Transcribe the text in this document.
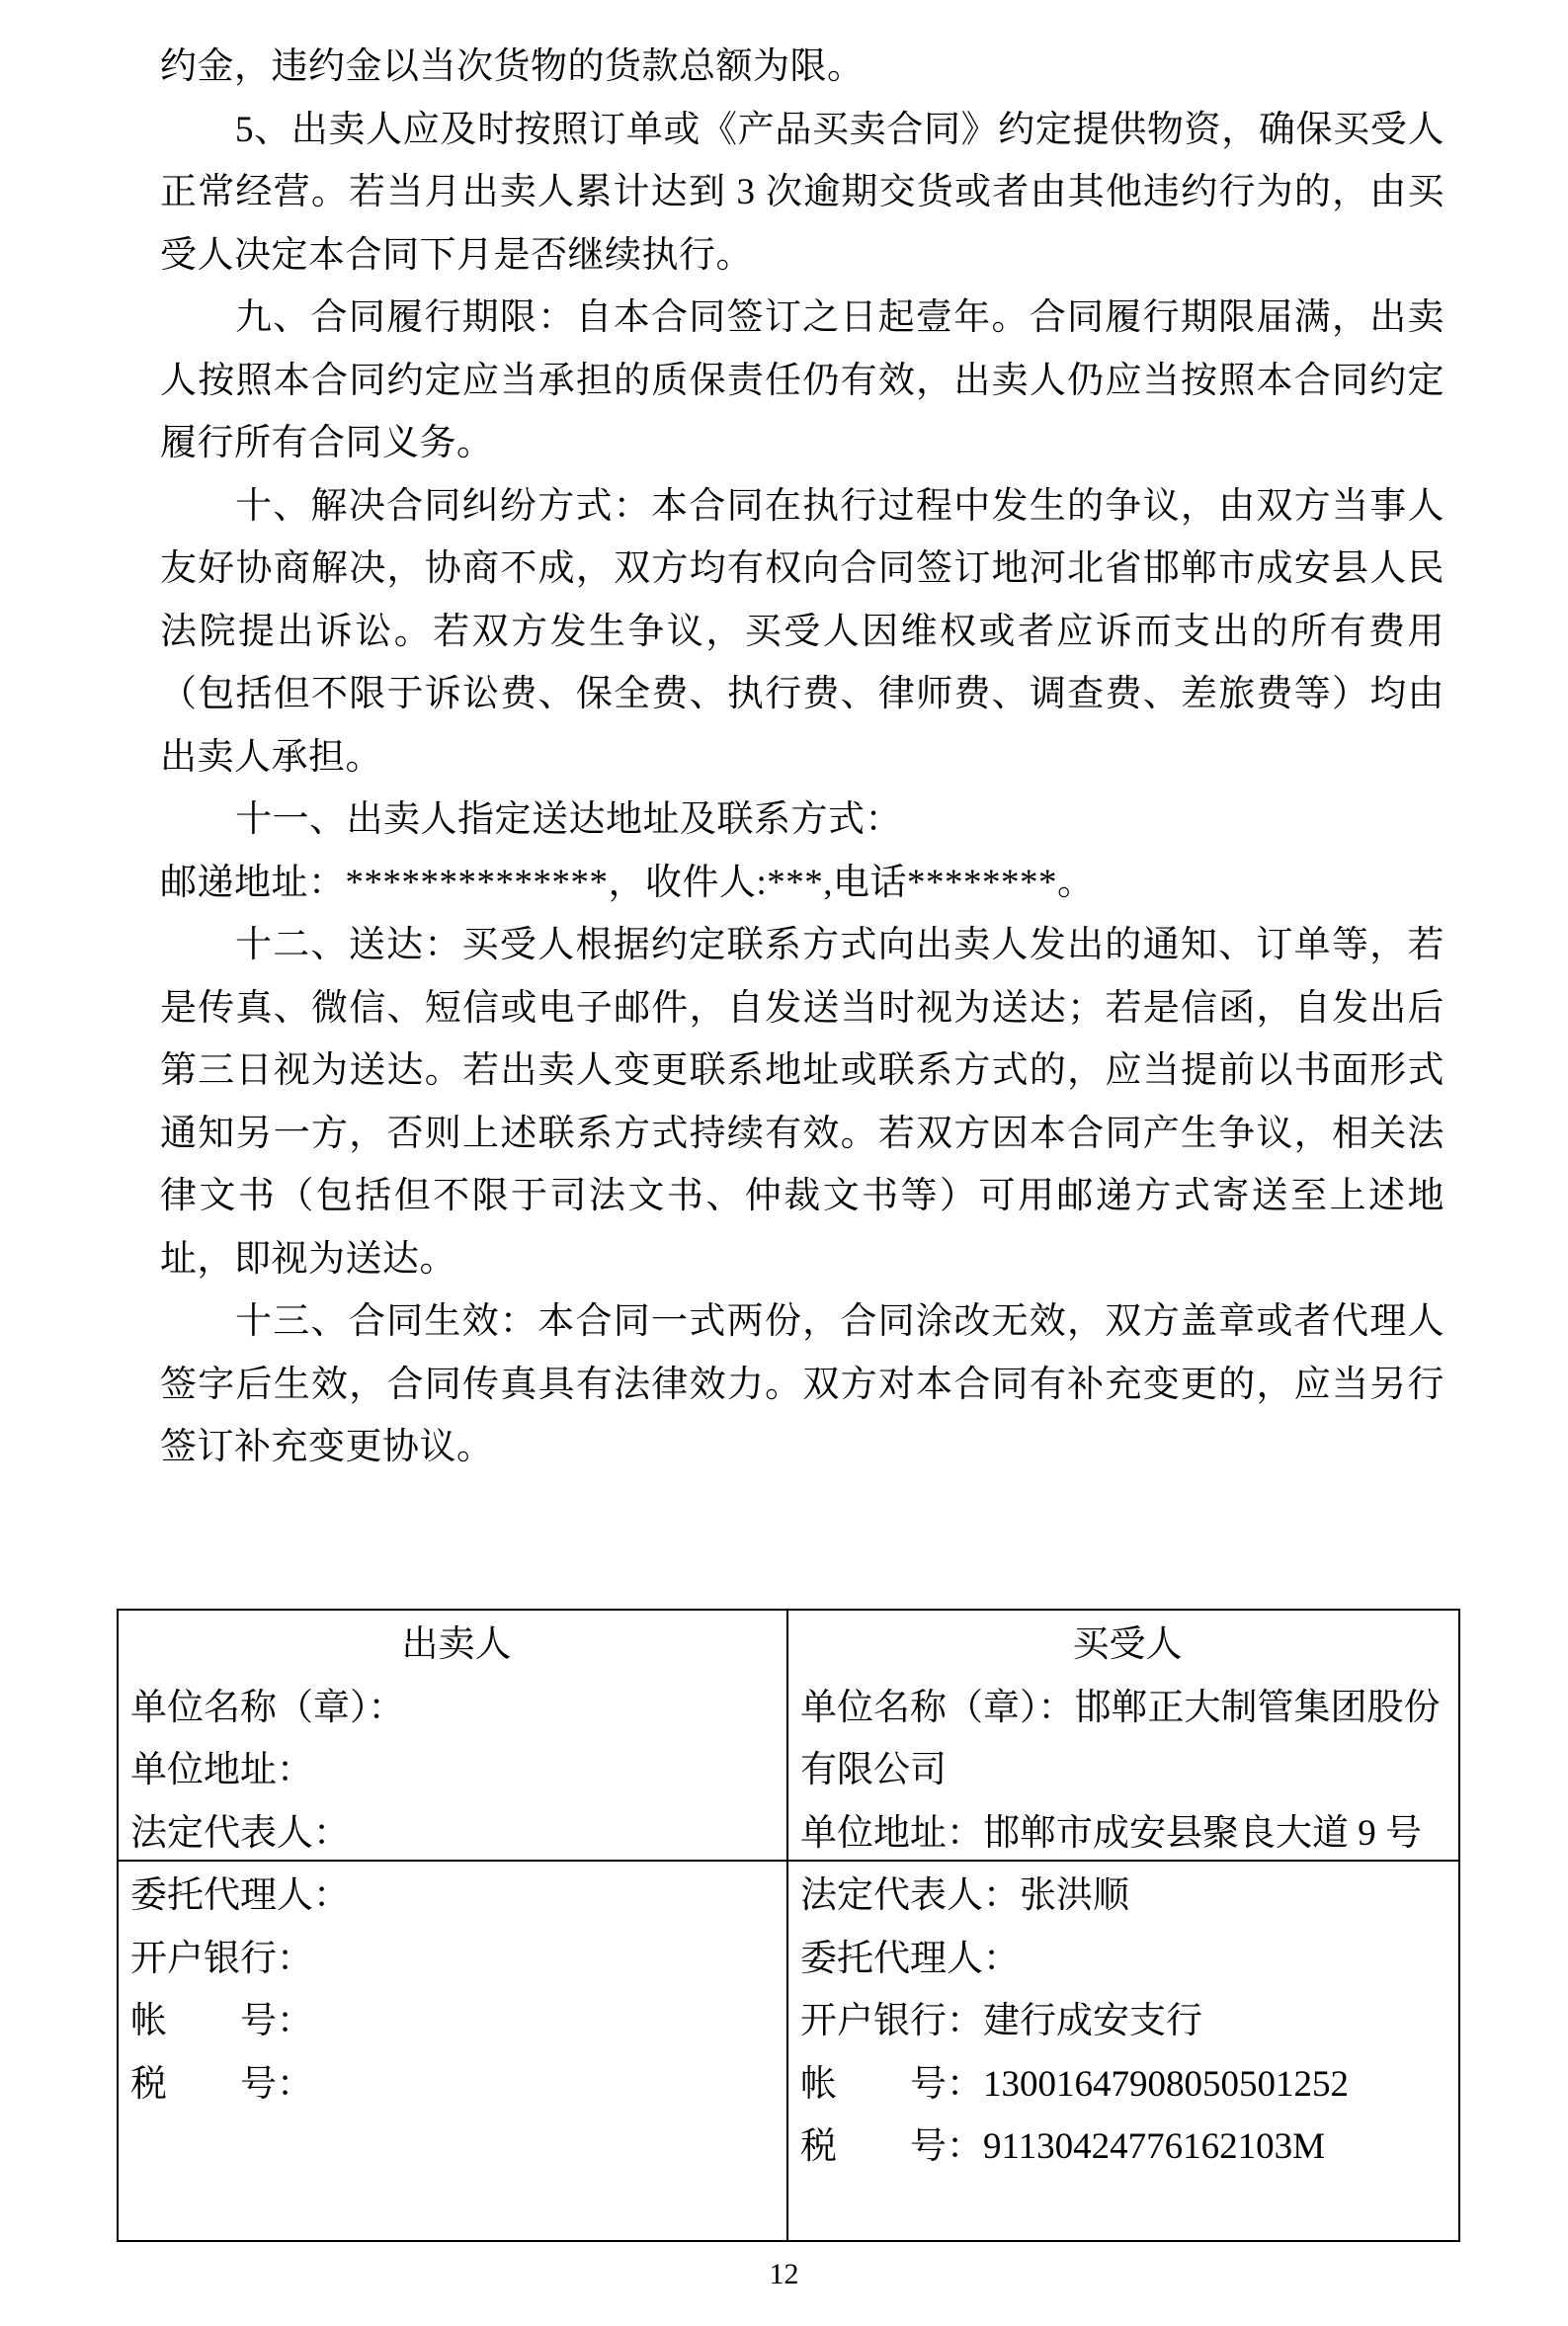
约金，违约金以当次货物的货款总额为限。

5、出卖人应及时按照订单或《产品买卖合同》约定提供物资，确保买受人正常经营。若当月出卖人累计达到 3 次逾期交货或者由其他违约行为的，由买受人决定本合同下月是否继续执行。

九、合同履行期限：自本合同签订之日起壹年。合同履行期限届满，出卖人按照本合同约定应当承担的质保责任仍有效，出卖人仍应当按照本合同约定履行所有合同义务。

十、解决合同纠纷方式：本合同在执行过程中发生的争议，由双方当事人友好协商解决，协商不成，双方均有权向合同签订地河北省邯郸市成安县人民法院提出诉讼。若双方发生争议，买受人因维权或者应诉而支出的所有费用（包括但不限于诉讼费、保全费、执行费、律师费、调查费、差旅费等）均由出卖人承担。

十一、出卖人指定送达地址及联系方式：

邮递地址：**************，收件人:***,电话********。

十二、送达：买受人根据约定联系方式向出卖人发出的通知、订单等，若是传真、微信、短信或电子邮件，自发送当时视为送达；若是信函，自发出后第三日视为送达。若出卖人变更联系地址或联系方式的，应当提前以书面形式通知另一方，否则上述联系方式持续有效。若双方因本合同产生争议，相关法律文书（包括但不限于司法文书、仲裁文书等）可用邮递方式寄送至上述地址，即视为送达。

十三、合同生效：本合同一式两份，合同涂改无效，双方盖章或者代理人签字后生效，合同传真具有法律效力。双方对本合同有补充变更的，应当另行签订补充变更协议。

出卖人
单位名称（章）：
单位地址：
法定代表人：
买受人
单位名称（章）：邯郸正大制管集团股份有限公司
单位地址：邯郸市成安县聚良大道 9 号
委托代理人：
开户银行：
帐　　号：
税　　号：
法定代表人：张洪顺
委托代理人：
开户银行：建行成安支行
帐　　号：13001647908050501252
税　　号：91130424776162103M
12
